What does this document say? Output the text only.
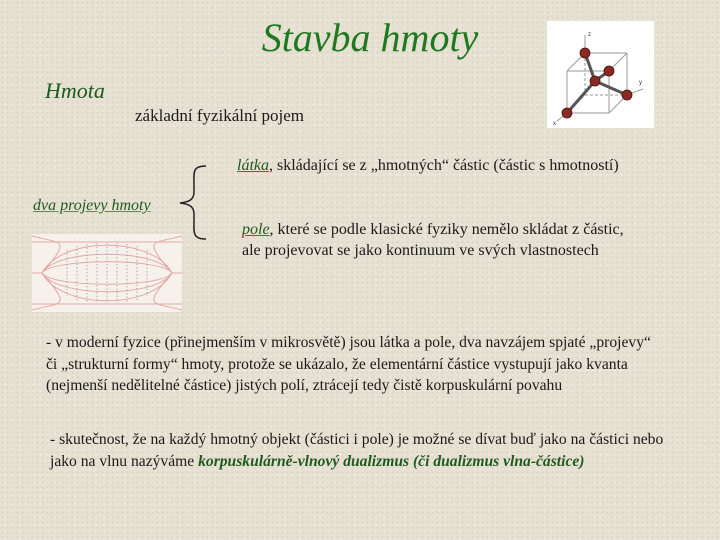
Stavba hmoty
Hmota
základní fyzikální pojem
látka, skládající se z „hmotných“ částic (částic s hmotností)
dva projevy hmoty
pole, které se podle klasické fyziky nemělo skládat z částic, ale projevovat se jako kontinuum ve svých vlastnostech
- v moderní fyzice (přinejmenším v mikrosvětě) jsou látka a pole, dva navzájem spjaté „projevy“ či „strukturní formy“ hmoty, protože se ukázalo, že elementární částice vystupují jako kvanta (nejmenší nedělitelné částice) jistých polí, ztrácejí tedy čistě korpuskulární povahu
- skutečnost, že na každý hmotný objekt (částici i pole) je možné se dívat buď jako na částici nebo jako na vlnu nazýváme korpuskulárně-vlnový dualizmus (či dualizmus vlna-částice)
z
y
x
